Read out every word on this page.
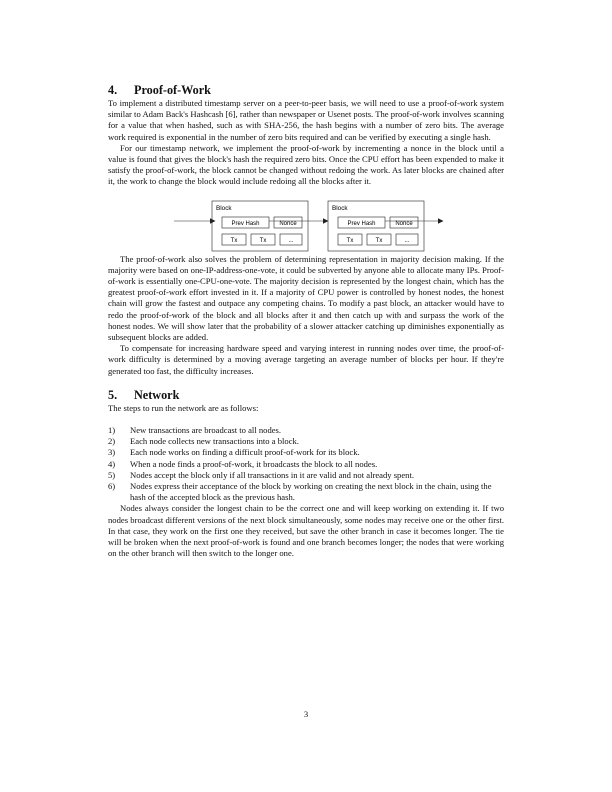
4. Proof-of-Work

To implement a distributed timestamp server on a peer-to-peer basis, we will need to use a proof-of-work system similar to Adam Back's Hashcash [6], rather than newspaper or Usenet posts. The proof-of-work involves scanning for a value that when hashed, such as with SHA-256, the hash begins with a number of zero bits. The average work required is exponential in the number of zero bits required and can be verified by executing a single hash.

For our timestamp network, we implement the proof-of-work by incrementing a nonce in the block until a value is found that gives the block's hash the required zero bits. Once the CPU effort has been expended to make it satisfy the proof-of-work, the block cannot be changed without redoing the work. As later blocks are chained after it, the work to change the block would include redoing all the blocks after it.

Block
Prev Hash	Nonce
Tx	Tx	...
Block
Prev Hash	Nonce
Tx	Tx	...

The proof-of-work also solves the problem of determining representation in majority decision making. If the majority were based on one-IP-address-one-vote, it could be subverted by anyone able to allocate many IPs. Proof-of-work is essentially one-CPU-one-vote. The majority decision is represented by the longest chain, which has the greatest proof-of-work effort invested in it. If a majority of CPU power is controlled by honest nodes, the honest chain will grow the fastest and outpace any competing chains. To modify a past block, an attacker would have to redo the proof-of-work of the block and all blocks after it and then catch up with and surpass the work of the honest nodes. We will show later that the probability of a slower attacker catching up diminishes exponentially as subsequent blocks are added.

To compensate for increasing hardware speed and varying interest in running nodes over time, the proof-of-work difficulty is determined by a moving average targeting an average number of blocks per hour. If they're generated too fast, the difficulty increases.

5. Network

The steps to run the network are as follows:

1)	New transactions are broadcast to all nodes.
2)	Each node collects new transactions into a block.
3)	Each node works on finding a difficult proof-of-work for its block.
4)	When a node finds a proof-of-work, it broadcasts the block to all nodes.
5)	Nodes accept the block only if all transactions in it are valid and not already spent.
6)	Nodes express their acceptance of the block by working on creating the next block in the chain, using the hash of the accepted block as the previous hash.

Nodes always consider the longest chain to be the correct one and will keep working on extending it. If two nodes broadcast different versions of the next block simultaneously, some nodes may receive one or the other first. In that case, they work on the first one they received, but save the other branch in case it becomes longer. The tie will be broken when the next proof-of-work is found and one branch becomes longer; the nodes that were working on the other branch will then switch to the longer one.

3
